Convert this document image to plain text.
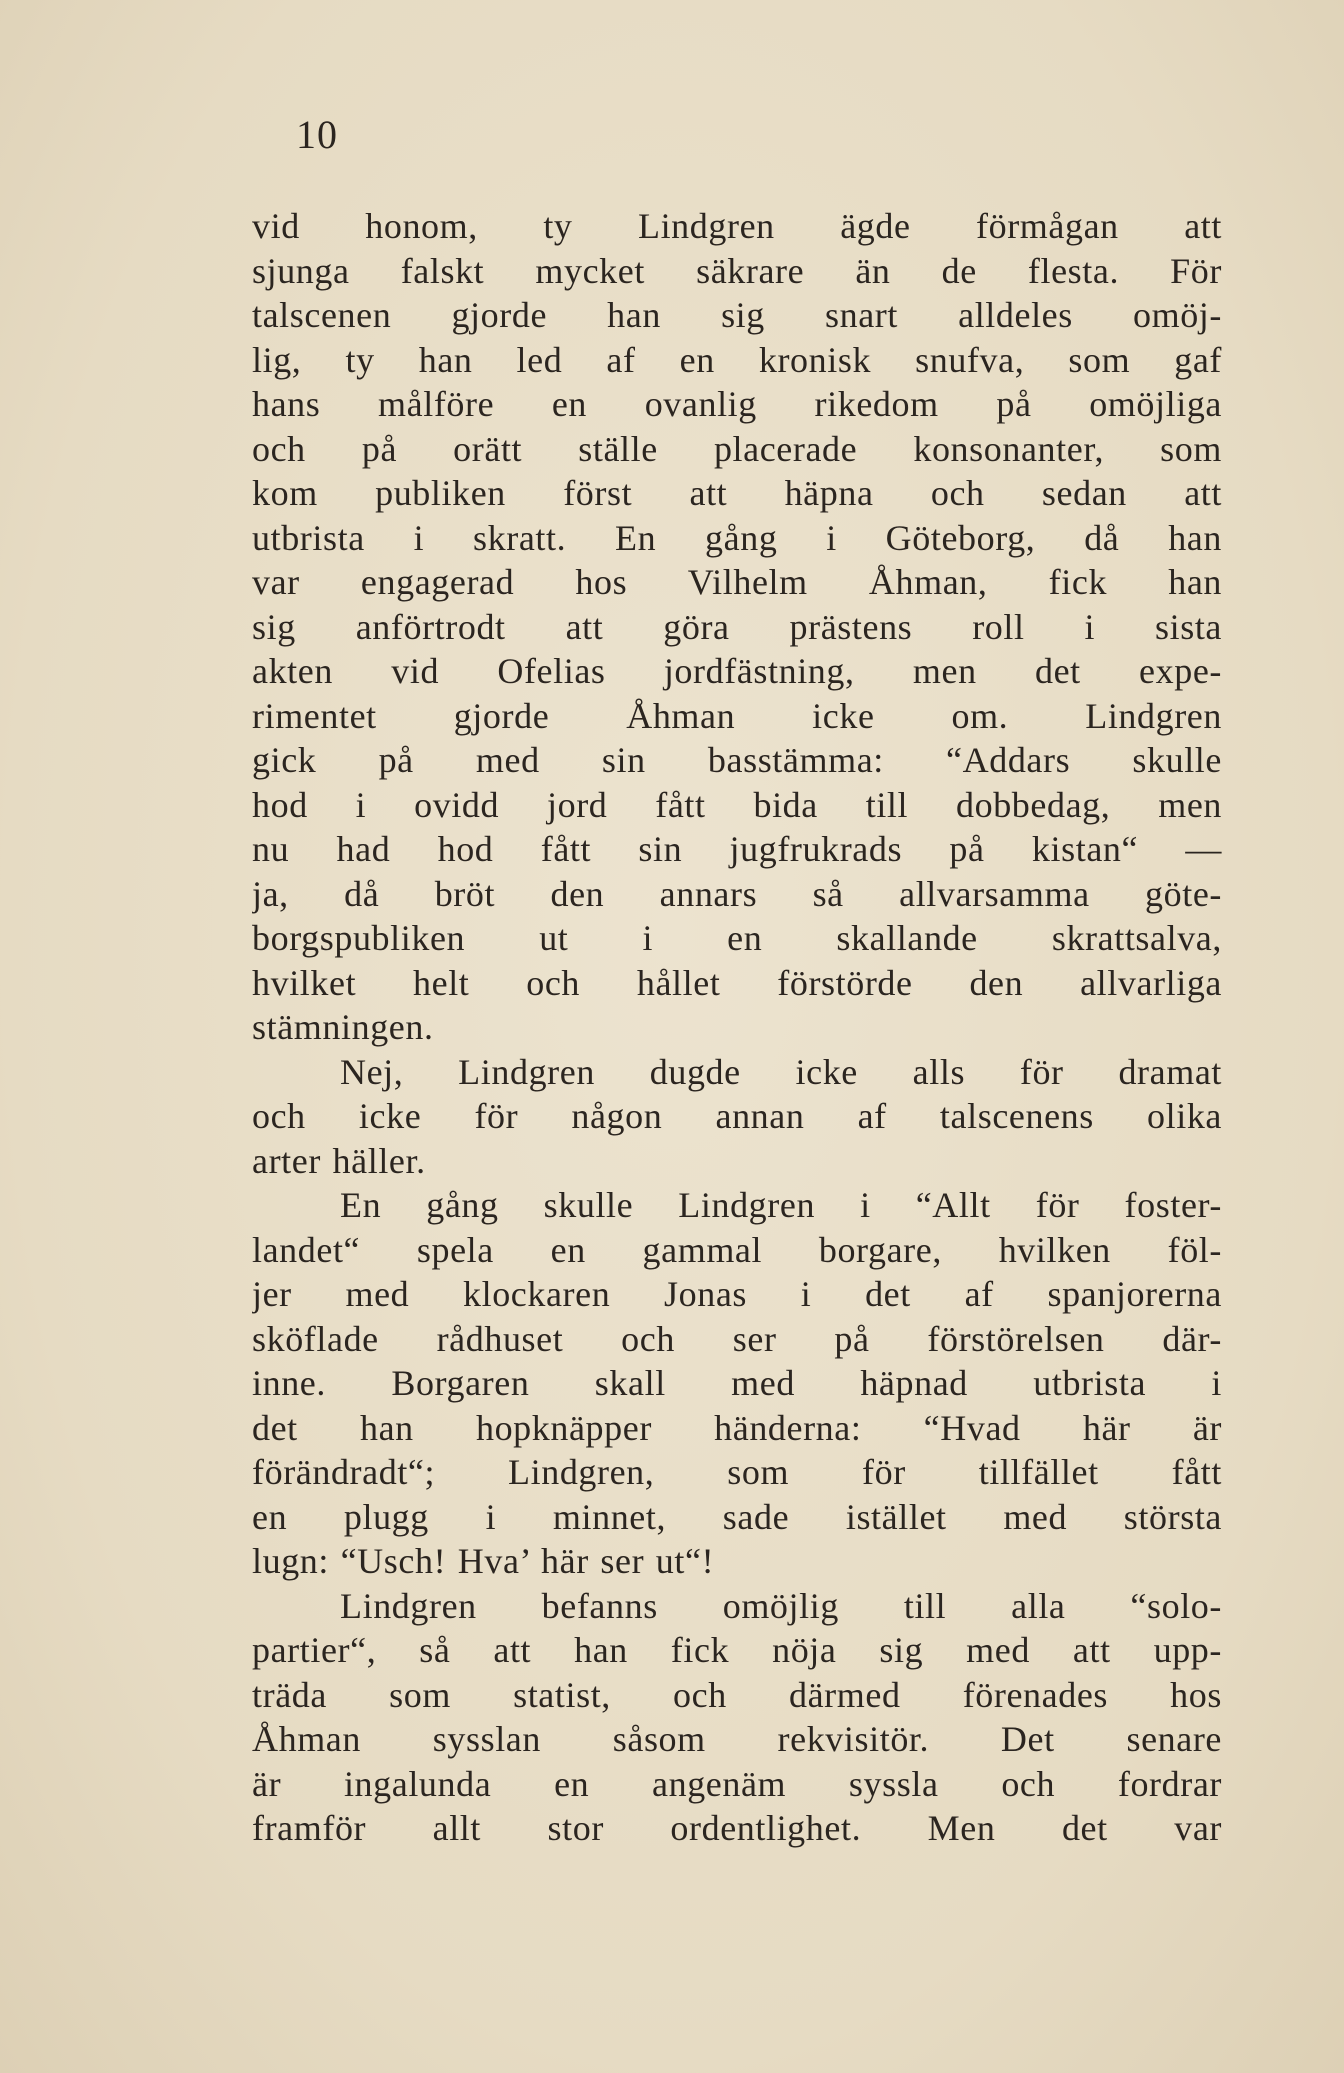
10
vid honom, ty Lindgren ägde förmågan att
sjunga falskt mycket säkrare än de flesta. För
talscenen gjorde han sig snart alldeles omöj-
lig, ty han led af en kronisk snufva, som gaf
hans målföre en ovanlig rikedom på omöjliga
och på orätt ställe placerade konsonanter, som
kom publiken först att häpna och sedan att
utbrista i skratt. En gång i Göteborg, då han
var engagerad hos Vilhelm Åhman, fick han
sig anförtrodt att göra prästens roll i sista
akten vid Ofelias jordfästning, men det expe-
rimentet gjorde Åhman icke om. Lindgren
gick på med sin basstämma: “Addars skulle
hod i ovidd jord fått bida till dobbedag, men
nu had hod fått sin jugfrukrads på kistan“ —
ja, då bröt den annars så allvarsamma göte-
borgspubliken ut i en skallande skrattsalva,
hvilket helt och hållet förstörde den allvarliga
stämningen.
Nej, Lindgren dugde icke alls för dramat
och icke för någon annan af talscenens olika
arter häller.
En gång skulle Lindgren i “Allt för foster-
landet“ spela en gammal borgare, hvilken föl-
jer med klockaren Jonas i det af spanjorerna
sköflade rådhuset och ser på förstörelsen där-
inne. Borgaren skall med häpnad utbrista i
det han hopknäpper händerna: “Hvad här är
förändradt“; Lindgren, som för tillfället fått
en plugg i minnet, sade istället med största
lugn: “Usch! Hva’ här ser ut“!
Lindgren befanns omöjlig till alla “solo-
partier“, så att han fick nöja sig med att upp-
träda som statist, och därmed förenades hos
Åhman sysslan såsom rekvisitör. Det senare
är ingalunda en angenäm syssla och fordrar
framför allt stor ordentlighet. Men det var
